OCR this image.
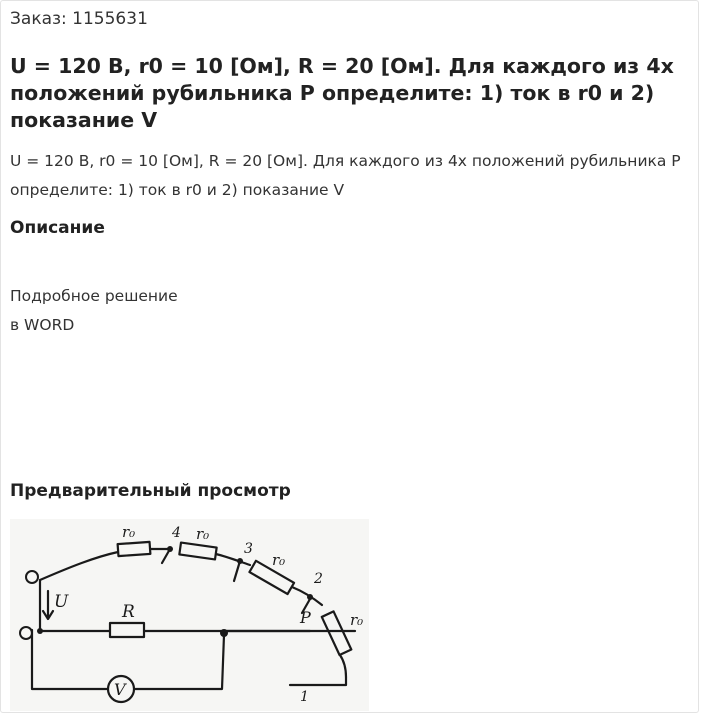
Заказ: 1155631
U = 120 В, r0 = 10 [Ом], R = 20 [Ом]. Для каждого из 4х положений рубильника Р определите: 1) ток в r0 и 2) показание V
U = 120 В, r0 = 10 [Ом], R = 20 [Ом]. Для каждого из 4х положений рубильника Р определите: 1) ток в r0 и 2) показание V
Описание
Подробное решение
в WORD
Предварительный просмотр
r₀	r₀
r₀
r₀
R
U
V
P
4
3
2
1
